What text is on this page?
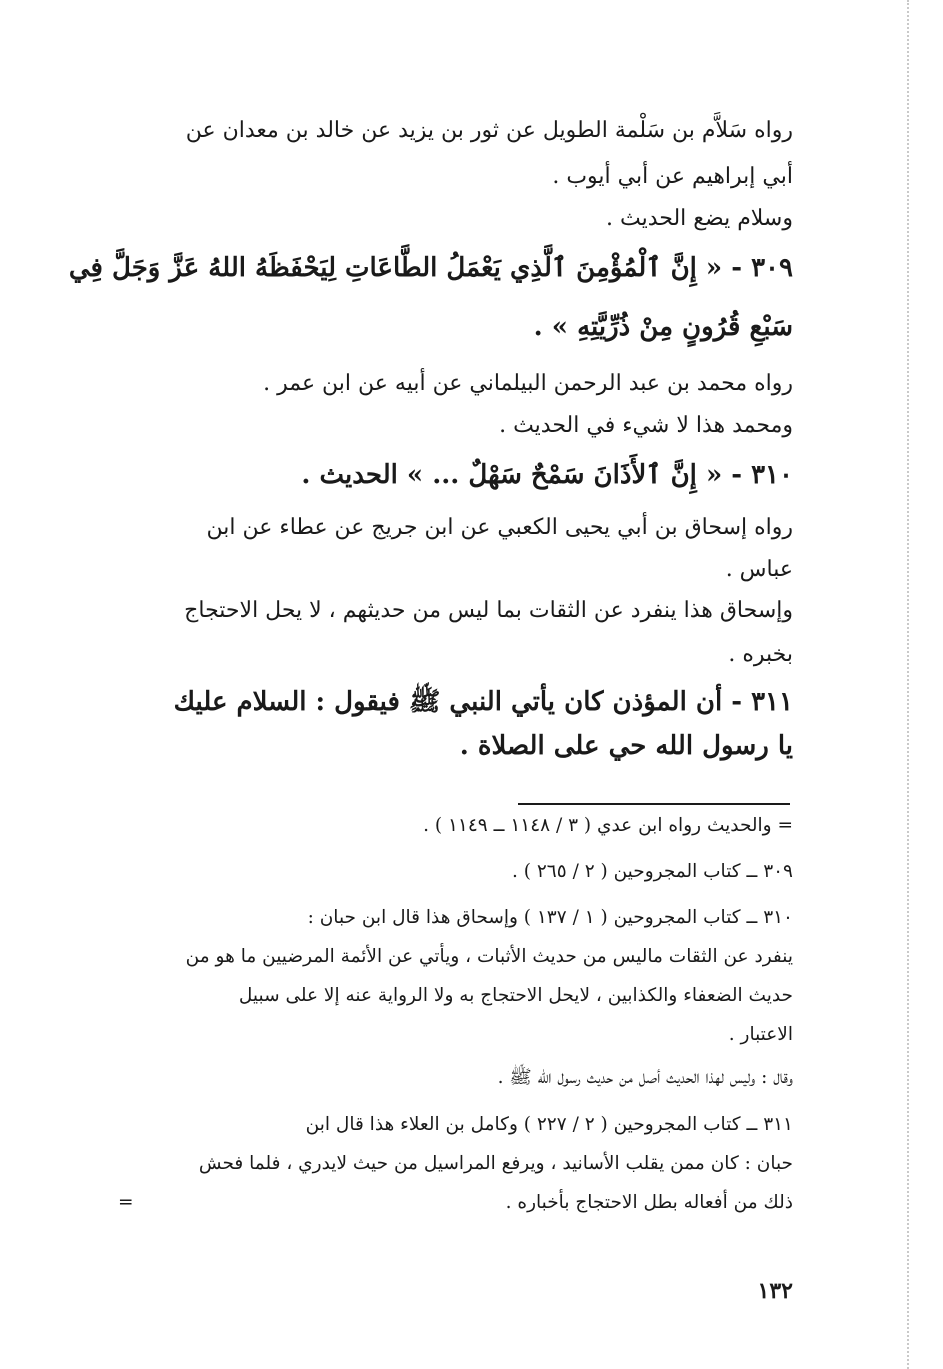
رواه سَلاَّم بن سَلْمة الطويل عن ثور بن يزيد عن خالد بن معدان عن
أبي إبراهيم عن أبي أيوب .
وسلام يضع الحديث .
٣٠٩ - « إِنَّ ٱلْمُؤْمِنَ ٱلَّذِي يَعْمَلُ الطَّاعَاتِ لِيَحْفَظَهُ اللهُ عَزَّ وَجَلَّ فِي
سَبْعِ قُرُونٍ مِنْ ذُرِّيَّتِهِ » .
رواه محمد بن عبد الرحمن البيلماني عن أبيه عن ابن عمر .
ومحمد هذا لا شيء في الحديث .
٣١٠ - « إِنَّ ٱلأَذَانَ سَمْحٌ سَهْلٌ ... » الحديث .
رواه إسحاق بن أبي يحيى الكعبي عن ابن جريج عن عطاء عن ابن
عباس .
وإسحاق هذا ينفرد عن الثقات بما ليس من حديثهم ، لا يحل الاحتجاج
بخبره .
٣١١ - أن المؤذن كان يأتي النبي ﷺ فيقول : السلام عليك
يا رسول الله حي على الصلاة .
= والحديث رواه ابن عدي ( ٣ / ١١٤٨ ــ ١١٤٩ ) .
٣٠٩ ــ كتاب المجروحين ( ٢ / ٢٦٥ ) .
٣١٠ ــ كتاب المجروحين ( ١ / ١٣٧ ) وإسحاق هذا قال ابن حبان :
ينفرد عن الثقات ماليس من حديث الأثبات ، ويأتي عن الأئمة المرضيين ما هو من
حديث الضعفاء والكذابين ، لايحل الاحتجاج به ولا الرواية عنه إلا على سبيل
الاعتبار .
وقال : وليس لهذا الحديث أصل من حديث رسول الله ﷺ .
٣١١ ــ كتاب المجروحين ( ٢ / ٢٢٧ ) وكامل بن العلاء هذا قال ابن
حبان : كان ممن يقلب الأسانيد ، ويرفع المراسيل من حيث لايدري ، فلما فحش
ذلك من أفعاله بطل الاحتجاج بأخباره .
=
١٣٢
